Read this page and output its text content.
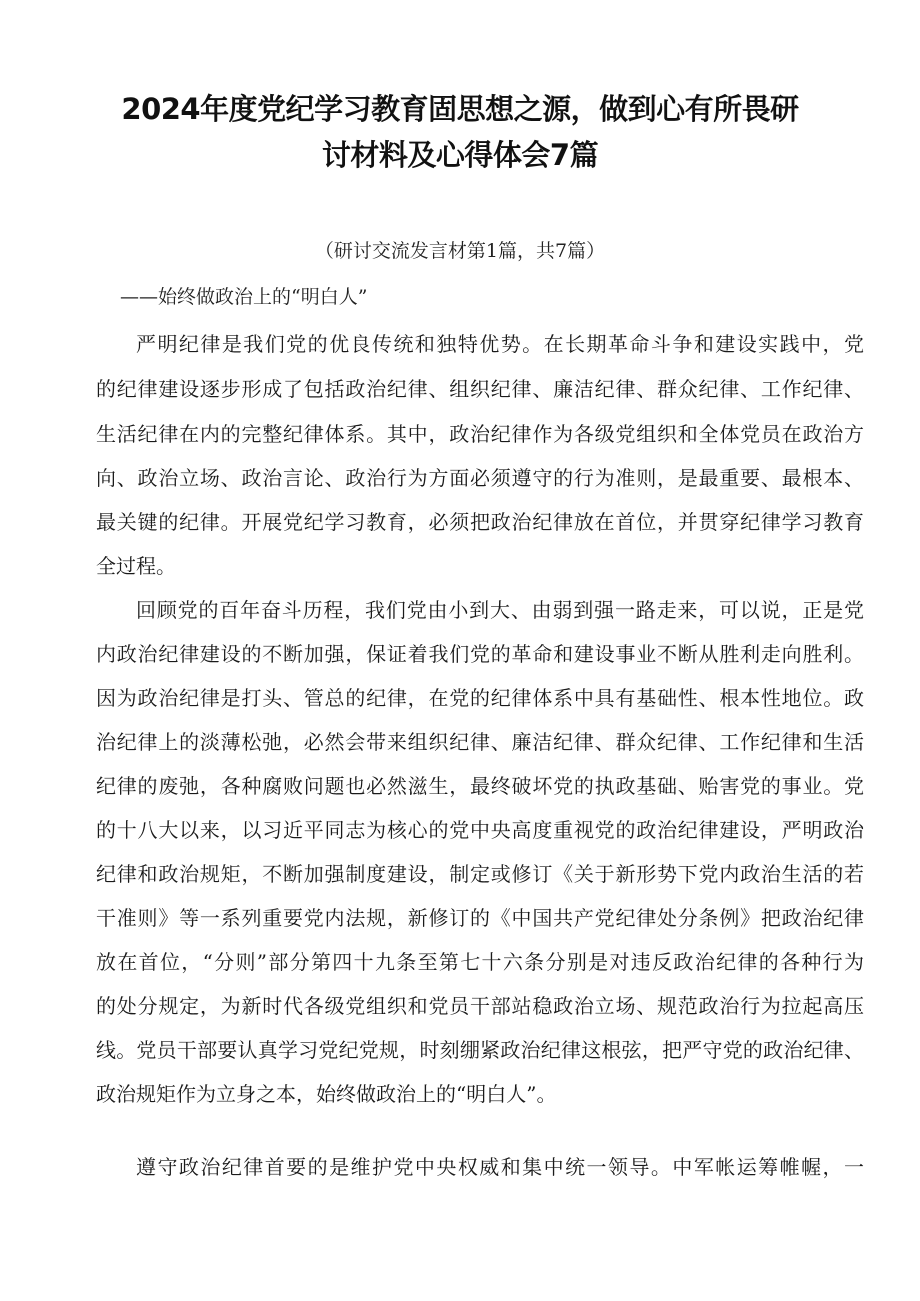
2024年度党纪学习教育固思想之源，做到心有所畏研
讨材料及心得体会7篇
（研讨交流发言材第1篇，共7篇）
——始终做政治上的“明白人”
严明纪律是我们党的优良传统和独特优势。在长期革命斗争和建设实践中，党
的纪律建设逐步形成了包括政治纪律、组织纪律、廉洁纪律、群众纪律、工作纪律、
生活纪律在内的完整纪律体系。其中，政治纪律作为各级党组织和全体党员在政治方
向、政治立场、政治言论、政治行为方面必须遵守的行为准则，是最重要、最根本、
最关键的纪律。开展党纪学习教育，必须把政治纪律放在首位，并贯穿纪律学习教育
全过程。
回顾党的百年奋斗历程，我们党由小到大、由弱到强一路走来，可以说，正是党
内政治纪律建设的不断加强，保证着我们党的革命和建设事业不断从胜利走向胜利。
因为政治纪律是打头、管总的纪律，在党的纪律体系中具有基础性、根本性地位。政
治纪律上的淡薄松弛，必然会带来组织纪律、廉洁纪律、群众纪律、工作纪律和生活
纪律的废弛，各种腐败问题也必然滋生，最终破坏党的执政基础、贻害党的事业。党
的十八大以来，以习近平同志为核心的党中央高度重视党的政治纪律建设，严明政治
纪律和政治规矩，不断加强制度建设，制定或修订《关于新形势下党内政治生活的若
干准则》等一系列重要党内法规，新修订的《中国共产党纪律处分条例》把政治纪律
放在首位，“分则”部分第四十九条至第七十六条分别是对违反政治纪律的各种行为
的处分规定，为新时代各级党组织和党员干部站稳政治立场、规范政治行为拉起高压
线。党员干部要认真学习党纪党规，时刻绷紧政治纪律这根弦，把严守党的政治纪律、
政治规矩作为立身之本，始终做政治上的“明白人”。
遵守政治纪律首要的是维护党中央权威和集中统一领导。中军帐运筹帷幄，一
